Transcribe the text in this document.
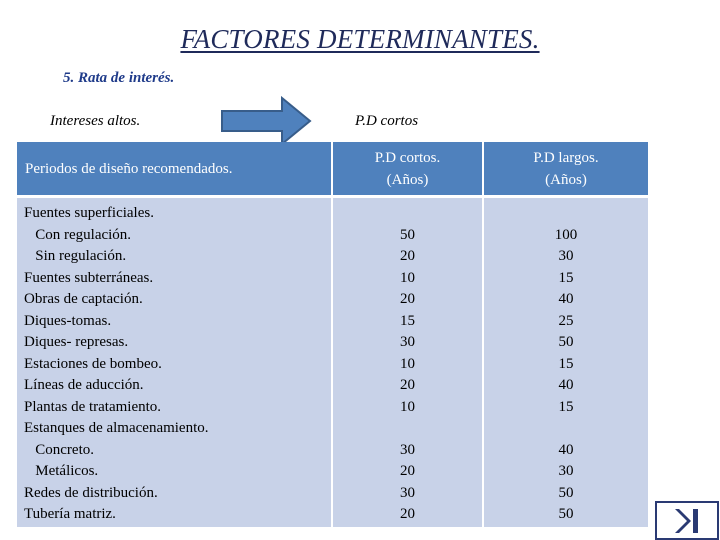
FACTORES DETERMINANTES.
5. Rata de interés.
Intereses altos.	P.D cortos
Periodos de diseño recomendados.
P.D cortos.
(Años)
P.D largos.
(Años)
Fuentes superficiales.
Con regulación.
Sin regulación.
Fuentes subterráneas.
Obras de captación.
Diques-tomas.
Diques- represas.
Estaciones de bombeo.
Líneas de aducción.
Plantas de tratamiento.
Estanques de almacenamiento.
Concreto.
Metálicos.
Redes de distribución.
Tubería matriz.
50
20
10
20
15
30
10
20
10
30
20
30
20
100
30
15
40
25
50
15
40
15
40
30
50
50
